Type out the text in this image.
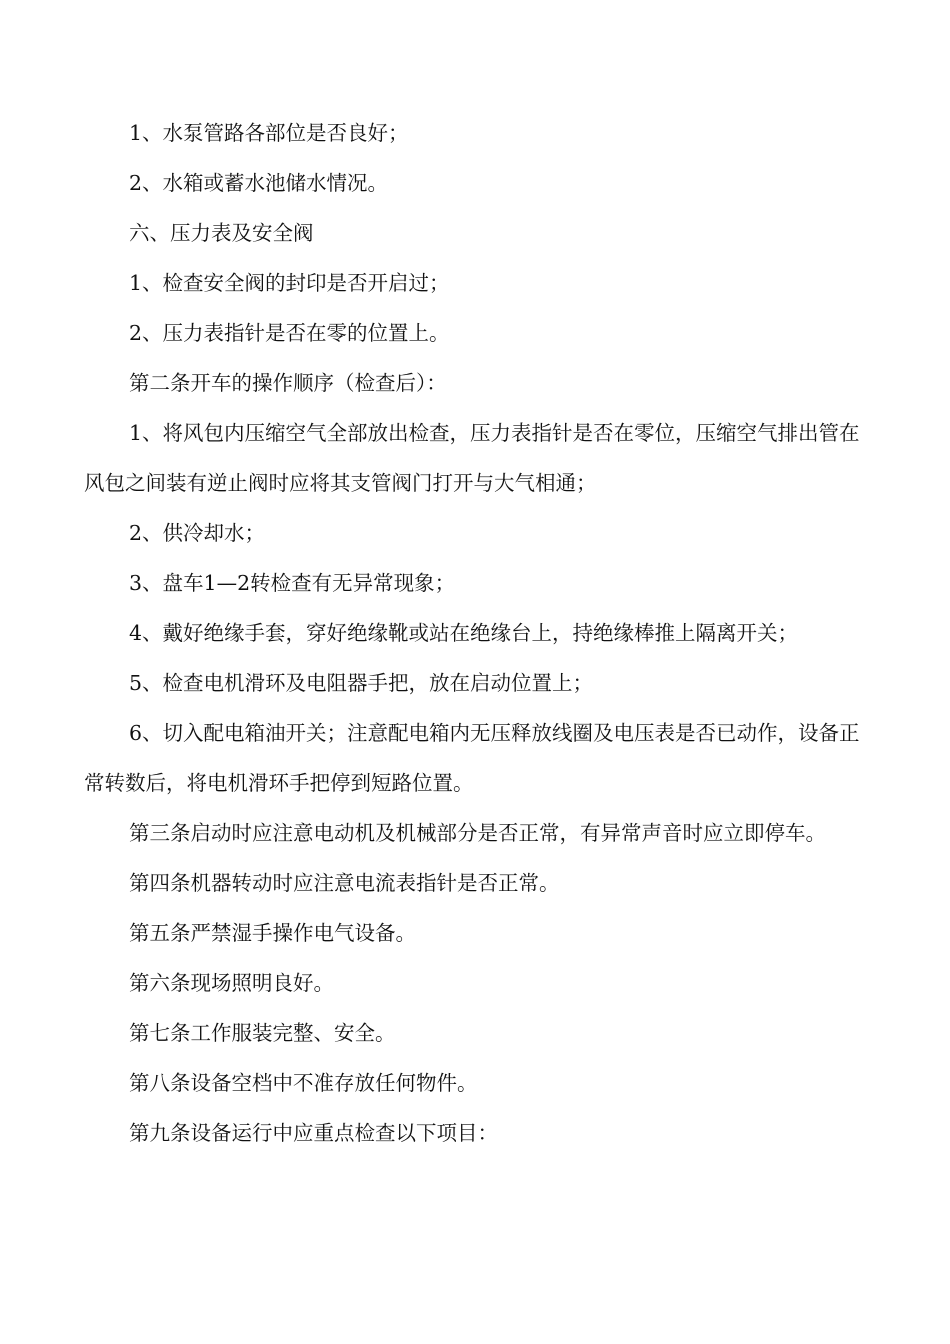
1、水泵管路各部位是否良好；

2、水箱或蓄水池储水情况。

六、压力表及安全阀

1、检查安全阀的封印是否开启过；

2、压力表指针是否在零的位置上。

第二条开车的操作顺序（检查后）：

1、将风包内压缩空气全部放出检查，压力表指针是否在零位，压缩空气排出管在风包之间装有逆止阀时应将其支管阀门打开与大气相通；

2、供冷却水；

3、盘车1—2转检查有无异常现象；

4、戴好绝缘手套，穿好绝缘靴或站在绝缘台上，持绝缘棒推上隔离开关；

5、检查电机滑环及电阻器手把，放在启动位置上；

6、切入配电箱油开关；注意配电箱内无压释放线圈及电压表是否已动作，设备正常转数后，将电机滑环手把停到短路位置。

第三条启动时应注意电动机及机械部分是否正常，有异常声音时应立即停车。

第四条机器转动时应注意电流表指针是否正常。

第五条严禁湿手操作电气设备。

第六条现场照明良好。

第七条工作服装完整、安全。

第八条设备空档中不准存放任何物件。

第九条设备运行中应重点检查以下项目：
